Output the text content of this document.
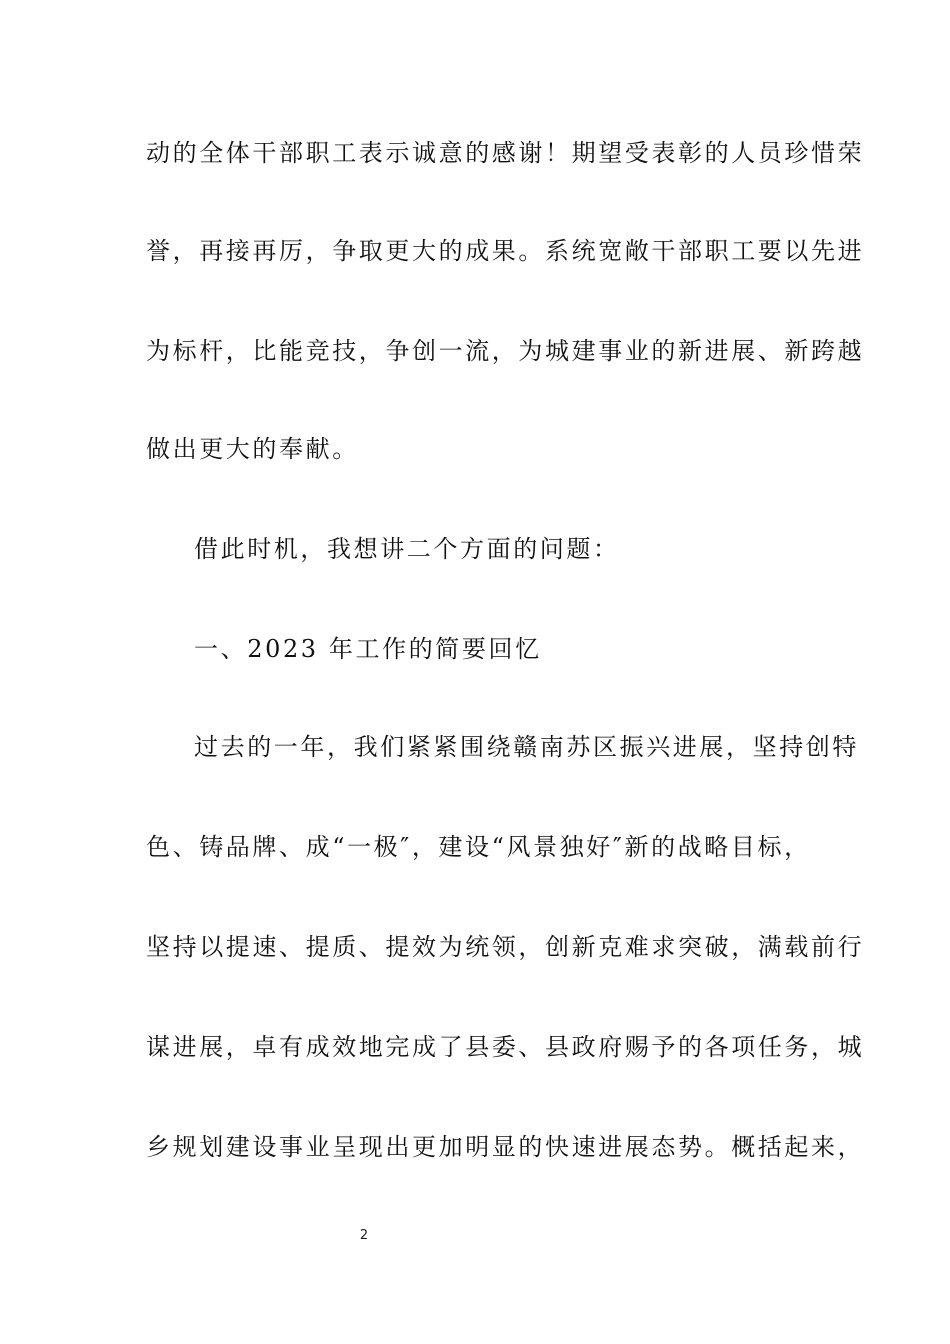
动的全体干部职工表示诚意的感谢！期望受表彰的人员珍惜荣
誉，再接再厉，争取更大的成果。系统宽敞干部职工要以先进
为标杆，比能竞技，争创一流，为城建事业的新进展、新跨越
做出更大的奉献。
借此时机，我想讲二个方面的问题：
一、2023 年工作的简要回忆
过去的一年，我们紧紧围绕赣南苏区振兴进展，坚持创特
色、铸品牌、成“一极″，建设“风景独好″新的战略目标，
坚持以提速、提质、提效为统领，创新克难求突破，满载前行
谋进展，卓有成效地完成了县委、县政府赐予的各项任务，城
乡规划建设事业呈现出更加明显的快速进展态势。概括起来，
2
